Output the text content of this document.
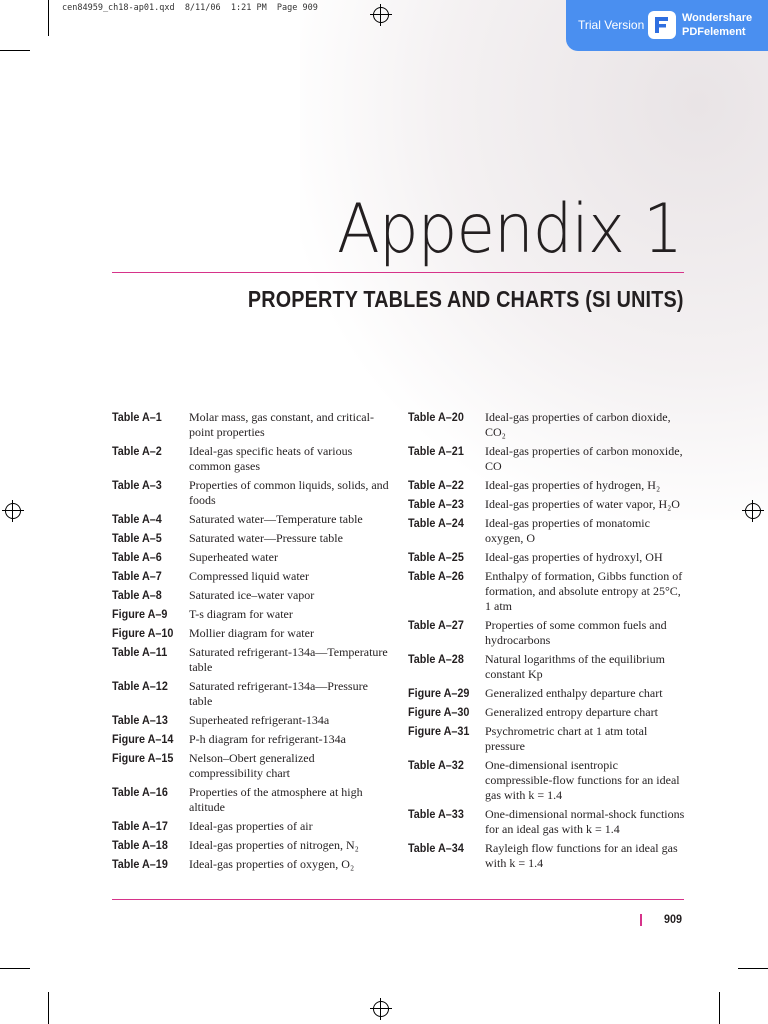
cen84959_ch18-ap01.qxd  8/11/06  1:21 PM  Page 909
Trial Version	Wondershare
PDFelement
Appendix 1
PROPERTY TABLES AND CHARTS (SI UNITS)
Table A–1	Molar mass, gas constant, and critical-point properties
Table A–2	Ideal-gas specific heats of various common gases
Table A–3	Properties of common liquids, solids, and foods
Table A–4	Saturated water—Temperature table
Table A–5	Saturated water—Pressure table
Table A–6	Superheated water
Table A–7	Compressed liquid water
Table A–8	Saturated ice–water vapor
Figure A–9	T-s diagram for water
Figure A–10	Mollier diagram for water
Table A–11	Saturated refrigerant-134a—Temperature table
Table A–12	Saturated refrigerant-134a—Pressure table
Table A–13	Superheated refrigerant-134a
Figure A–14	P-h diagram for refrigerant-134a
Figure A–15	Nelson–Obert generalized compressibility chart
Table A–16	Properties of the atmosphere at high altitude
Table A–17	Ideal-gas properties of air
Table A–18	Ideal-gas properties of nitrogen, N₂
Table A–19	Ideal-gas properties of oxygen, O₂
Table A–20	Ideal-gas properties of carbon dioxide, CO₂
Table A–21	Ideal-gas properties of carbon monoxide, CO
Table A–22	Ideal-gas properties of hydrogen, H₂
Table A–23	Ideal-gas properties of water vapor, H₂O
Table A–24	Ideal-gas properties of monatomic oxygen, O
Table A–25	Ideal-gas properties of hydroxyl, OH
Table A–26	Enthalpy of formation, Gibbs function of formation, and absolute entropy at 25°C, 1 atm
Table A–27	Properties of some common fuels and hydrocarbons
Table A–28	Natural logarithms of the equilibrium constant Kp
Figure A–29	Generalized enthalpy departure chart
Figure A–30	Generalized entropy departure chart
Figure A–31	Psychrometric chart at 1 atm total pressure
Table A–32	One-dimensional isentropic compressible-flow functions for an ideal gas with k = 1.4
Table A–33	One-dimensional normal-shock functions for an ideal gas with k = 1.4
Table A–34	Rayleigh flow functions for an ideal gas with k = 1.4
909
